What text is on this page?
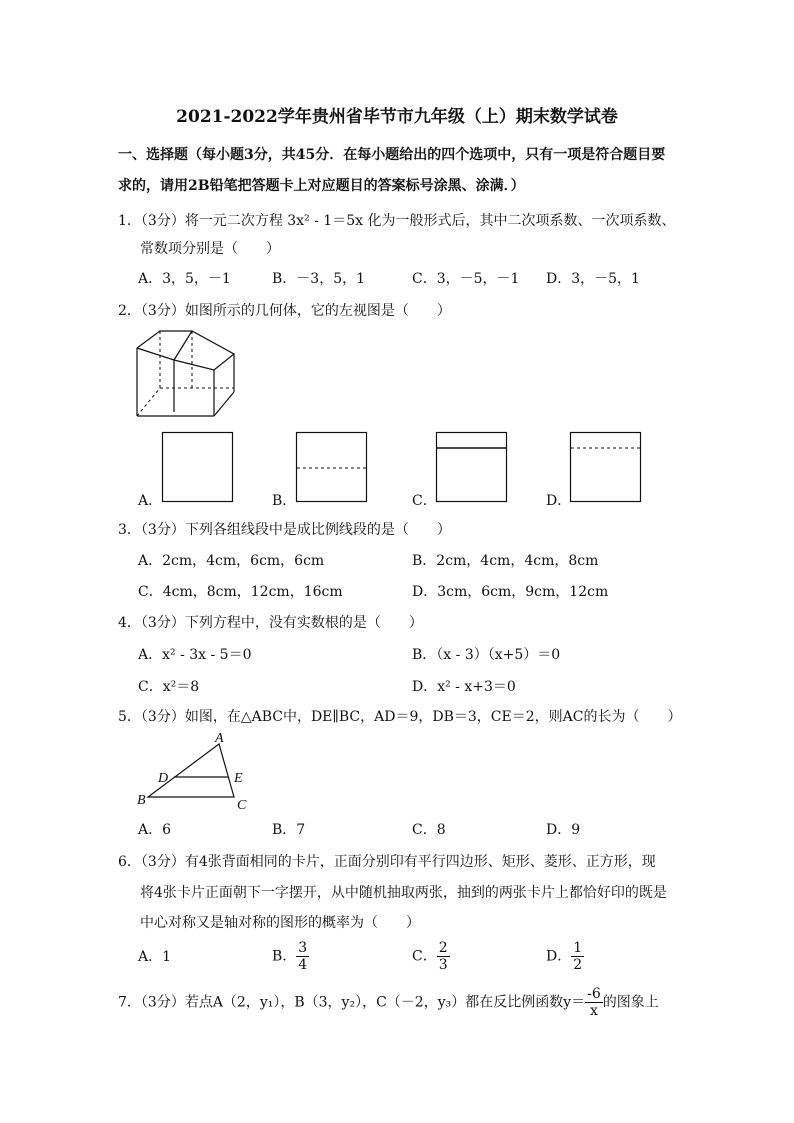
2021-2022学年贵州省毕节市九年级（上）期末数学试卷
一、选择题（每小题3分，共45分．在每小题给出的四个选项中，只有一项是符合题目要
求的，请用2B铅笔把答题卡上对应题目的答案标号涂黑、涂满．）
1．（3分）将一元二次方程 3x² - 1＝5x 化为一般形式后，其中二次项系数、一次项系数、
常数项分别是（　　）
A．3，5，－1	B．－3，5，1	C．3，－5，－1 D．3，－5，1
2．（3分）如图所示的几何体，它的左视图是（　　）
A．	B．	C．	D．
3．（3分）下列各组线段中是成比例线段的是（　　）
A．2cm，4cm，6cm，6cm	B．2cm，4cm，4cm，8cm
C．4cm，8cm，12cm，16cm	D．3cm，6cm，9cm，12cm
4．（3分）下列方程中，没有实数根的是（　　）
A．x² - 3x - 5＝0	B．（x - 3）（x+5）＝0
C．x²＝8	D．x² - x+3＝0
5．（3分）如图，在△ABC中，DE∥BC，AD＝9，DB＝3，CE＝2，则AC的长为（　　）
A
D	E
B	C
A．6	B．7	C．8	D．9
6．（3分）有4张背面相同的卡片，正面分别印有平行四边形、矩形、菱形、正方形，现
将4张卡片正面朝下一字摆开，从中随机抽取两张，抽到的两张卡片上都恰好印的既是
中心对称又是轴对称的图形的概率为（　　）
A．1	B． $\frac{3}{4}$	C． $\frac{2}{3}$	D． $\frac{1}{2}$
7．（3分）若点A（2，y₁），B（3，y₂），C（－2，y₃）都在反比例函数$y= \frac{-6}{x}$ 的图象上
